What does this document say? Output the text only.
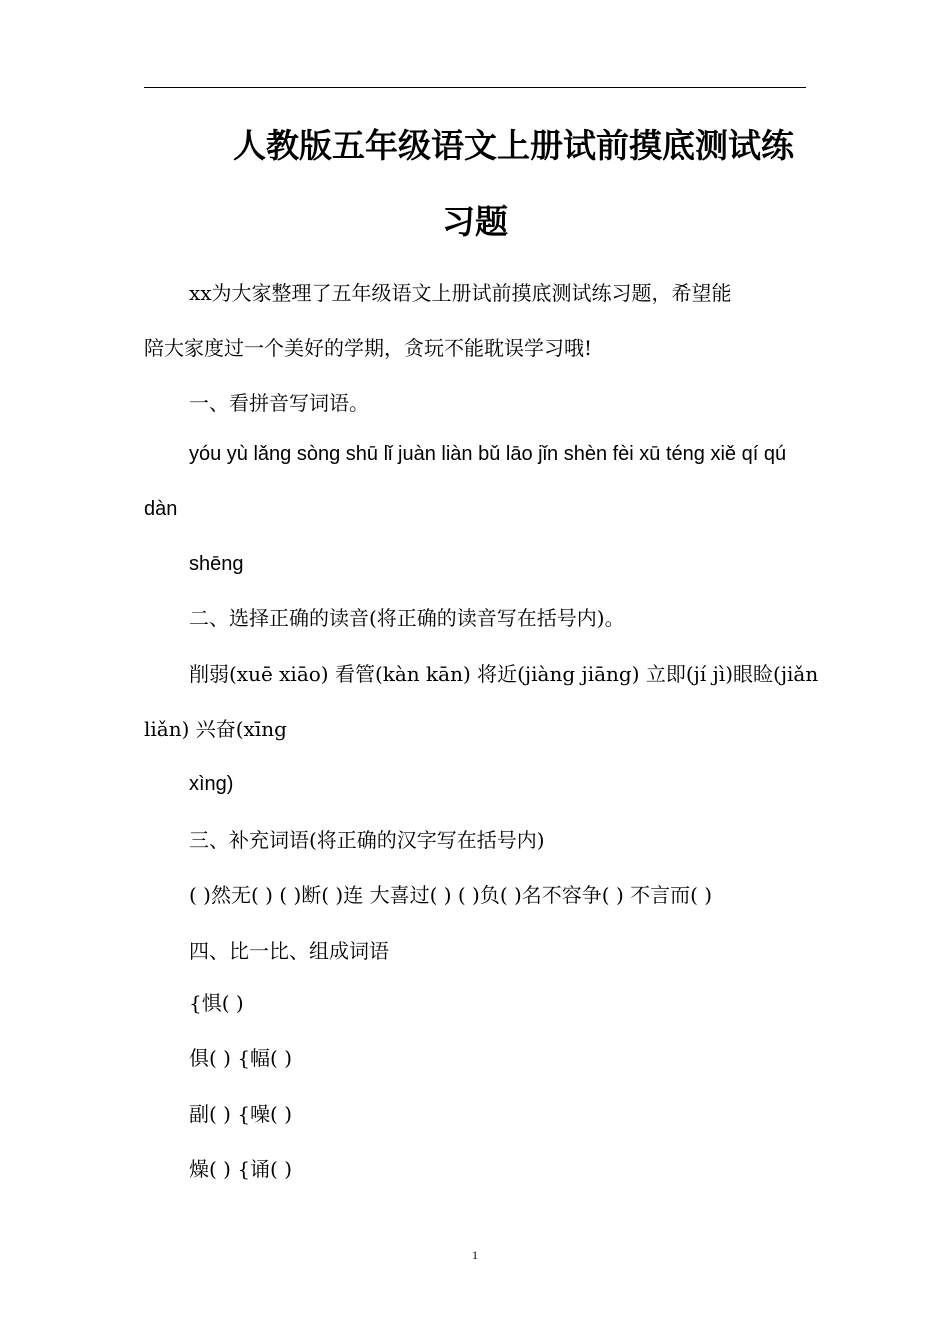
人教版五年级语文上册试前摸底测试练
习题

xx为大家整理了五年级语文上册试前摸底测试练习题，希望能

陪大家度过一个美好的学期，贪玩不能耽误学习哦!

一、看拼音写词语。

yóu yù lǎng sòng shū lǐ juàn liàn bǔ lāo jǐn shèn fèi xū téng xiě qí qú

dàn

shēng

二、选择正确的读音(将正确的读音写在括号内)。

削弱(xuē xiāo) 看管(kàn kān) 将近(jiàng jiāng) 立即(jí jì)眼睑(jiǎn

liǎn) 兴奋(xīng

xìng)

三、补充词语(将正确的汉字写在括号内)

( )然无( ) ( )断( )连 大喜过( ) ( )负( )名不容争( ) 不言而( )

四、比一比、组成词语

{惧( )

俱( ) {幅( )

副( ) {噪( )

燥( ) {诵( )

1
